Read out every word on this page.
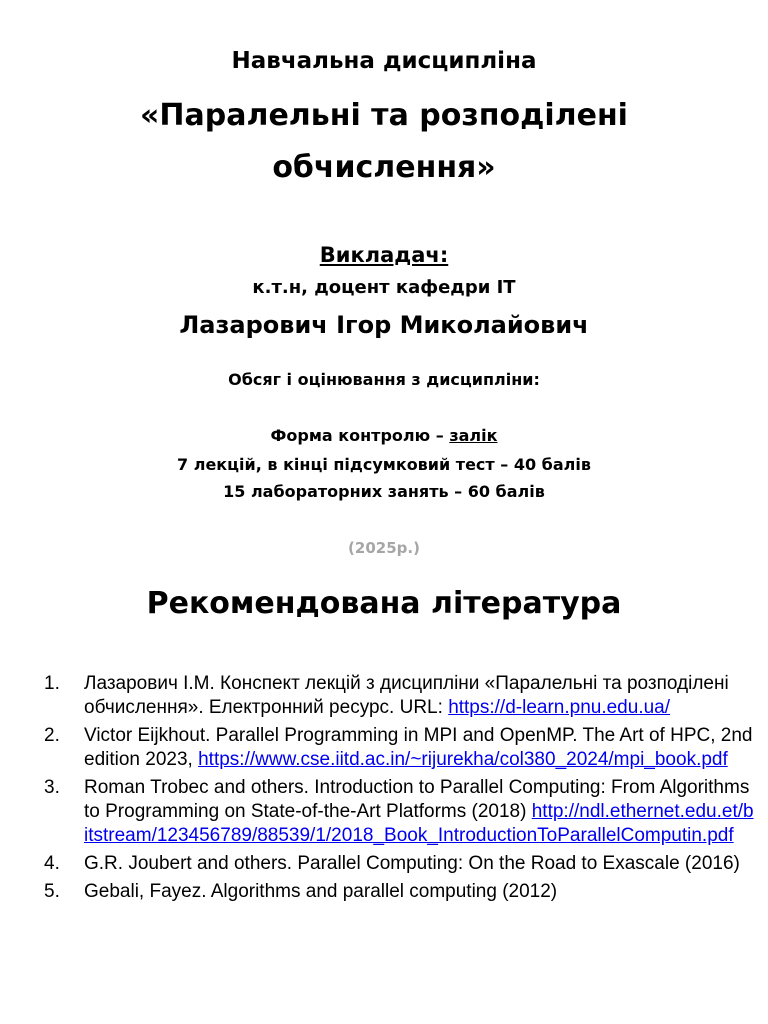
Навчальна дисципліна
«Паралельні та розподілені
обчислення»
Викладач:
к.т.н, доцент кафедри ІТ
Лазарович Ігор Миколайович
Обсяг і оцінювання з дисципліни:
Форма контролю – залік
7 лекцій, в кінці підсумковий тест – 40 балів
15 лабораторних занять – 60 балів
(2025р.)
Рекомендована література
1. Лазарович І.М. Конспект лекцій з дисципліни «Паралельні та розподілені обчислення». Електронний ресурс. URL: https://d-learn.pnu.edu.ua/
2. Victor Eijkhout. Parallel Programming in MPI and OpenMP. The Art of HPC, 2nd edition 2023, https://www.cse.iitd.ac.in/~rijurekha/col380_2024/mpi_book.pdf
3. Roman Trobec and others. Introduction to Parallel Computing: From Algorithms to Programming on State-of-the-Art Platforms (2018) http://ndl.ethernet.edu.et/bitstream/123456789/88539/1/2018_Book_IntroductionToParallelComputin.pdf
4. G.R. Joubert and others. Parallel Computing: On the Road to Exascale (2016)
5. Gebali, Fayez. Algorithms and parallel computing (2012)
